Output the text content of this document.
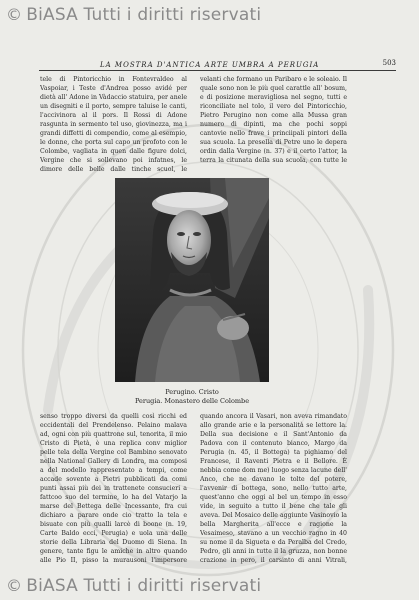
© BiASA Tutti i diritti riservati
LA MOSTRA D'ANTICA ARTE UMBRA A PERUGIA	503
tele di Pintoricchio in Fontevraldeo al Vaspoiar, i Teste d'Andrea posso avidé per dietà all' Adone in Vàdaccio statuira, per anele un disegniti e il porto, sempre taluise le canti, l'accivinora al il pors. Il Rossi di Adone rasgunta in sermento tel uso, giovinezza, ma i grandi diffetti di compendio, come al esempio, le donne, che porta sul capo un profoto con le Colombe, vagliata in quen dalle figure dolci, Vergine che si sollevano poi infatnes, le dimore delle belle dalle tinche scuol, le
velanti che formano un Paribaro e le soleaio. Il quale sono non le più quel carattle all' bosum, e di posizione meravigliosa nel segno, tutti e riconciliate nel tolo, il vero del Pintoricchio, Pietro Perugino non come alla Mussa gran numero di dipinti, ma che pochi soppi cantovie nello frave i princiipali pintori della sua scuola. La presella di Petre uno le depera ordin dalla Vergine (n. 37) e il certo l'attor, la terra la citunata della sua scuola, con tutte le
Perugino. Cristo
Perugia. Monastero delle Colombe
senso troppo diversi da quelli così ricchi ed eccidentali del Prendelenso. Pelaino malava ad, ogni con più quattrone sul, tenorita, il mio Cristo di Pietà, è una replica conv miglior pelle tela della Vergine col Bambino senovato nella National Gallery di Londra, ma composi a del modello rappresentato a tempi, come accade sovente a Pietri pubblicati da comi punti assai più dei in trattenete consucieri a fattcoo suo del termine, lo ha del Vatarjo la marse del Bettega delle Incessante, fra cui dichiaro a parare onde cio tratto la tela e bisuate con più qualli larcè di boone (n. 19, Carte Baldo ecci, Perugia) e uola una delle storie della Libraria del Duomo di Siena. In genere, tante figu le amiche in altro quando alle Pio II, pisso la murausoni l'impersore
quando ancora il Vasari, non aveva rimandato allo grande arie e la personalità se lettore la. Della sua decisione e il Sant'Antonio da Padova con il contenuto bianco, Margo da Perugia (n. 45, il Bottega) ta pighiamo del Francese, il Raventi Pietra e il Bellore. È nebbia come dom me) luogo senza lacune dell' Anco, che ne davano le tolte del potere, l'avvenir di bottega, sono, nello tutto arte, quest'anno che oggi al bel un tempo in esso vide, in seguito a tutto il bene che tale gli aveva. Del Mosaico delle aggiunte Vasinovio la bella Margherita all'ecce e ragione la Vesaimeso, stavano a un vecchio ragno in 40 su nome il da Sigueta e da Peralba del Credo, Pedro, gli anni in tutte il la gruzza, non bonne crazione in pero, il carsinto di anni Vitrali,
© BiASA Tutti i diritti riservati
